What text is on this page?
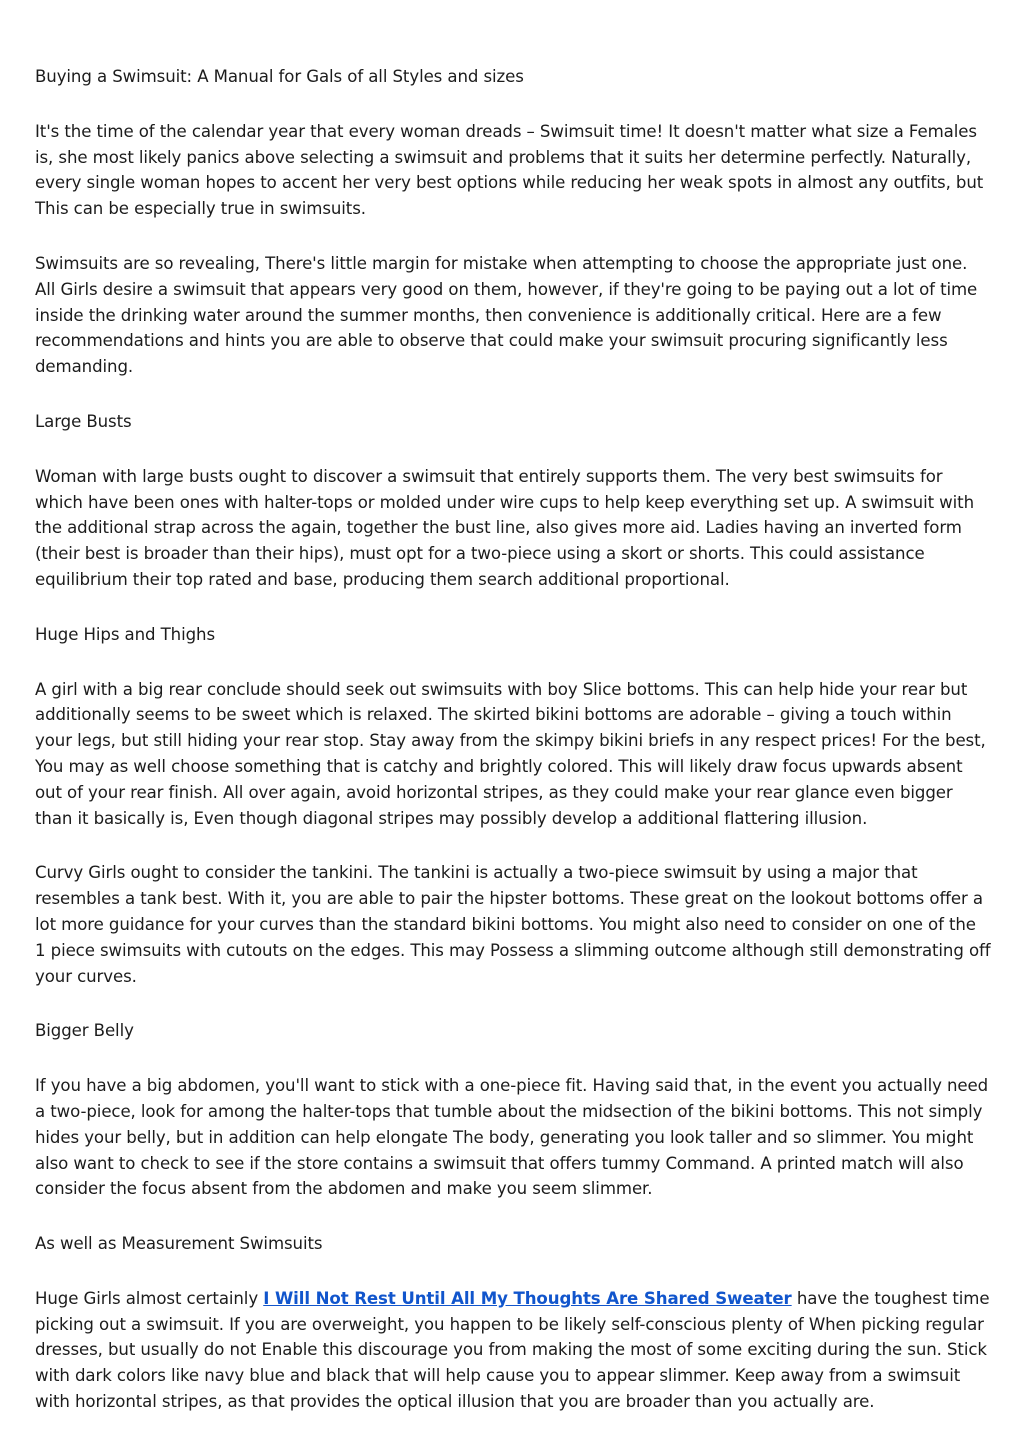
Buying a Swimsuit: A Manual for Gals of all Styles and sizes

It's the time of the calendar year that every woman dreads – Swimsuit time! It doesn't matter what size a Females is, she most likely panics above selecting a swimsuit and problems that it suits her determine perfectly. Naturally, every single woman hopes to accent her very best options while reducing her weak spots in almost any outfits, but This can be especially true in swimsuits.

Swimsuits are so revealing, There's little margin for mistake when attempting to choose the appropriate just one. All Girls desire a swimsuit that appears very good on them, however, if they're going to be paying out a lot of time inside the drinking water around the summer months, then convenience is additionally critical. Here are a few recommendations and hints you are able to observe that could make your swimsuit procuring significantly less demanding.

Large Busts

Woman with large busts ought to discover a swimsuit that entirely supports them. The very best swimsuits for which have been ones with halter-tops or molded under wire cups to help keep everything set up. A swimsuit with the additional strap across the again, together the bust line, also gives more aid. Ladies having an inverted form (their best is broader than their hips), must opt for a two-piece using a skort or shorts. This could assistance equilibrium their top rated and base, producing them search additional proportional.

Huge Hips and Thighs

A girl with a big rear conclude should seek out swimsuits with boy Slice bottoms. This can help hide your rear but additionally seems to be sweet which is relaxed. The skirted bikini bottoms are adorable – giving a touch within your legs, but still hiding your rear stop. Stay away from the skimpy bikini briefs in any respect prices! For the best, You may as well choose something that is catchy and brightly colored. This will likely draw focus upwards absent out of your rear finish. All over again, avoid horizontal stripes, as they could make your rear glance even bigger than it basically is, Even though diagonal stripes may possibly develop a additional flattering illusion.

Curvy Girls ought to consider the tankini. The tankini is actually a two-piece swimsuit by using a major that resembles a tank best. With it, you are able to pair the hipster bottoms. These great on the lookout bottoms offer a lot more guidance for your curves than the standard bikini bottoms. You might also need to consider on one of the 1 piece swimsuits with cutouts on the edges. This may Possess a slimming outcome although still demonstrating off your curves.

Bigger Belly

If you have a big abdomen, you'll want to stick with a one-piece fit. Having said that, in the event you actually need a two-piece, look for among the halter-tops that tumble about the midsection of the bikini bottoms. This not simply hides your belly, but in addition can help elongate The body, generating you look taller and so slimmer. You might also want to check to see if the store contains a swimsuit that offers tummy Command. A printed match will also consider the focus absent from the abdomen and make you seem slimmer.

As well as Measurement Swimsuits

Huge Girls almost certainly I Will Not Rest Until All My Thoughts Are Shared Sweater have the toughest time picking out a swimsuit. If you are overweight, you happen to be likely self-conscious plenty of When picking regular dresses, but usually do not Enable this discourage you from making the most of some exciting during the sun. Stick with dark colors like navy blue and black that will help cause you to appear slimmer. Keep away from a swimsuit with horizontal stripes, as that provides the optical illusion that you are broader than you actually are.
